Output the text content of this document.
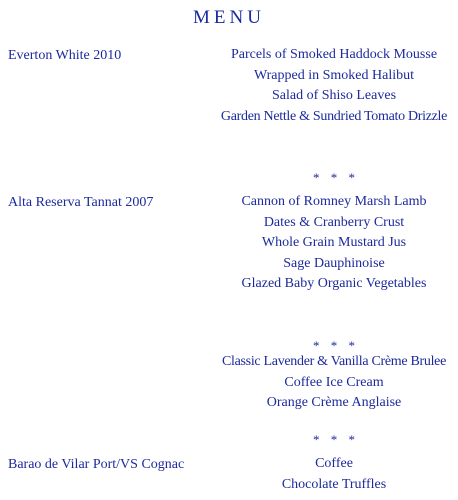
MENU
Everton White 2010	Parcels of Smoked Haddock Mousse
Wrapped in Smoked Halibut
Salad of Shiso Leaves
Garden Nettle & Sundried Tomato Drizzle
* * *
Alta Reserva Tannat 2007	Cannon of Romney Marsh Lamb
Dates & Cranberry Crust
Whole Grain Mustard Jus
Sage Dauphinoise
Glazed Baby Organic Vegetables
* * *
Classic Lavender & Vanilla Crème Brulee
Coffee Ice Cream
Orange Crème Anglaise
* * *
Barao de Vilar Port/VS Cognac	Coffee
Chocolate Truffles
